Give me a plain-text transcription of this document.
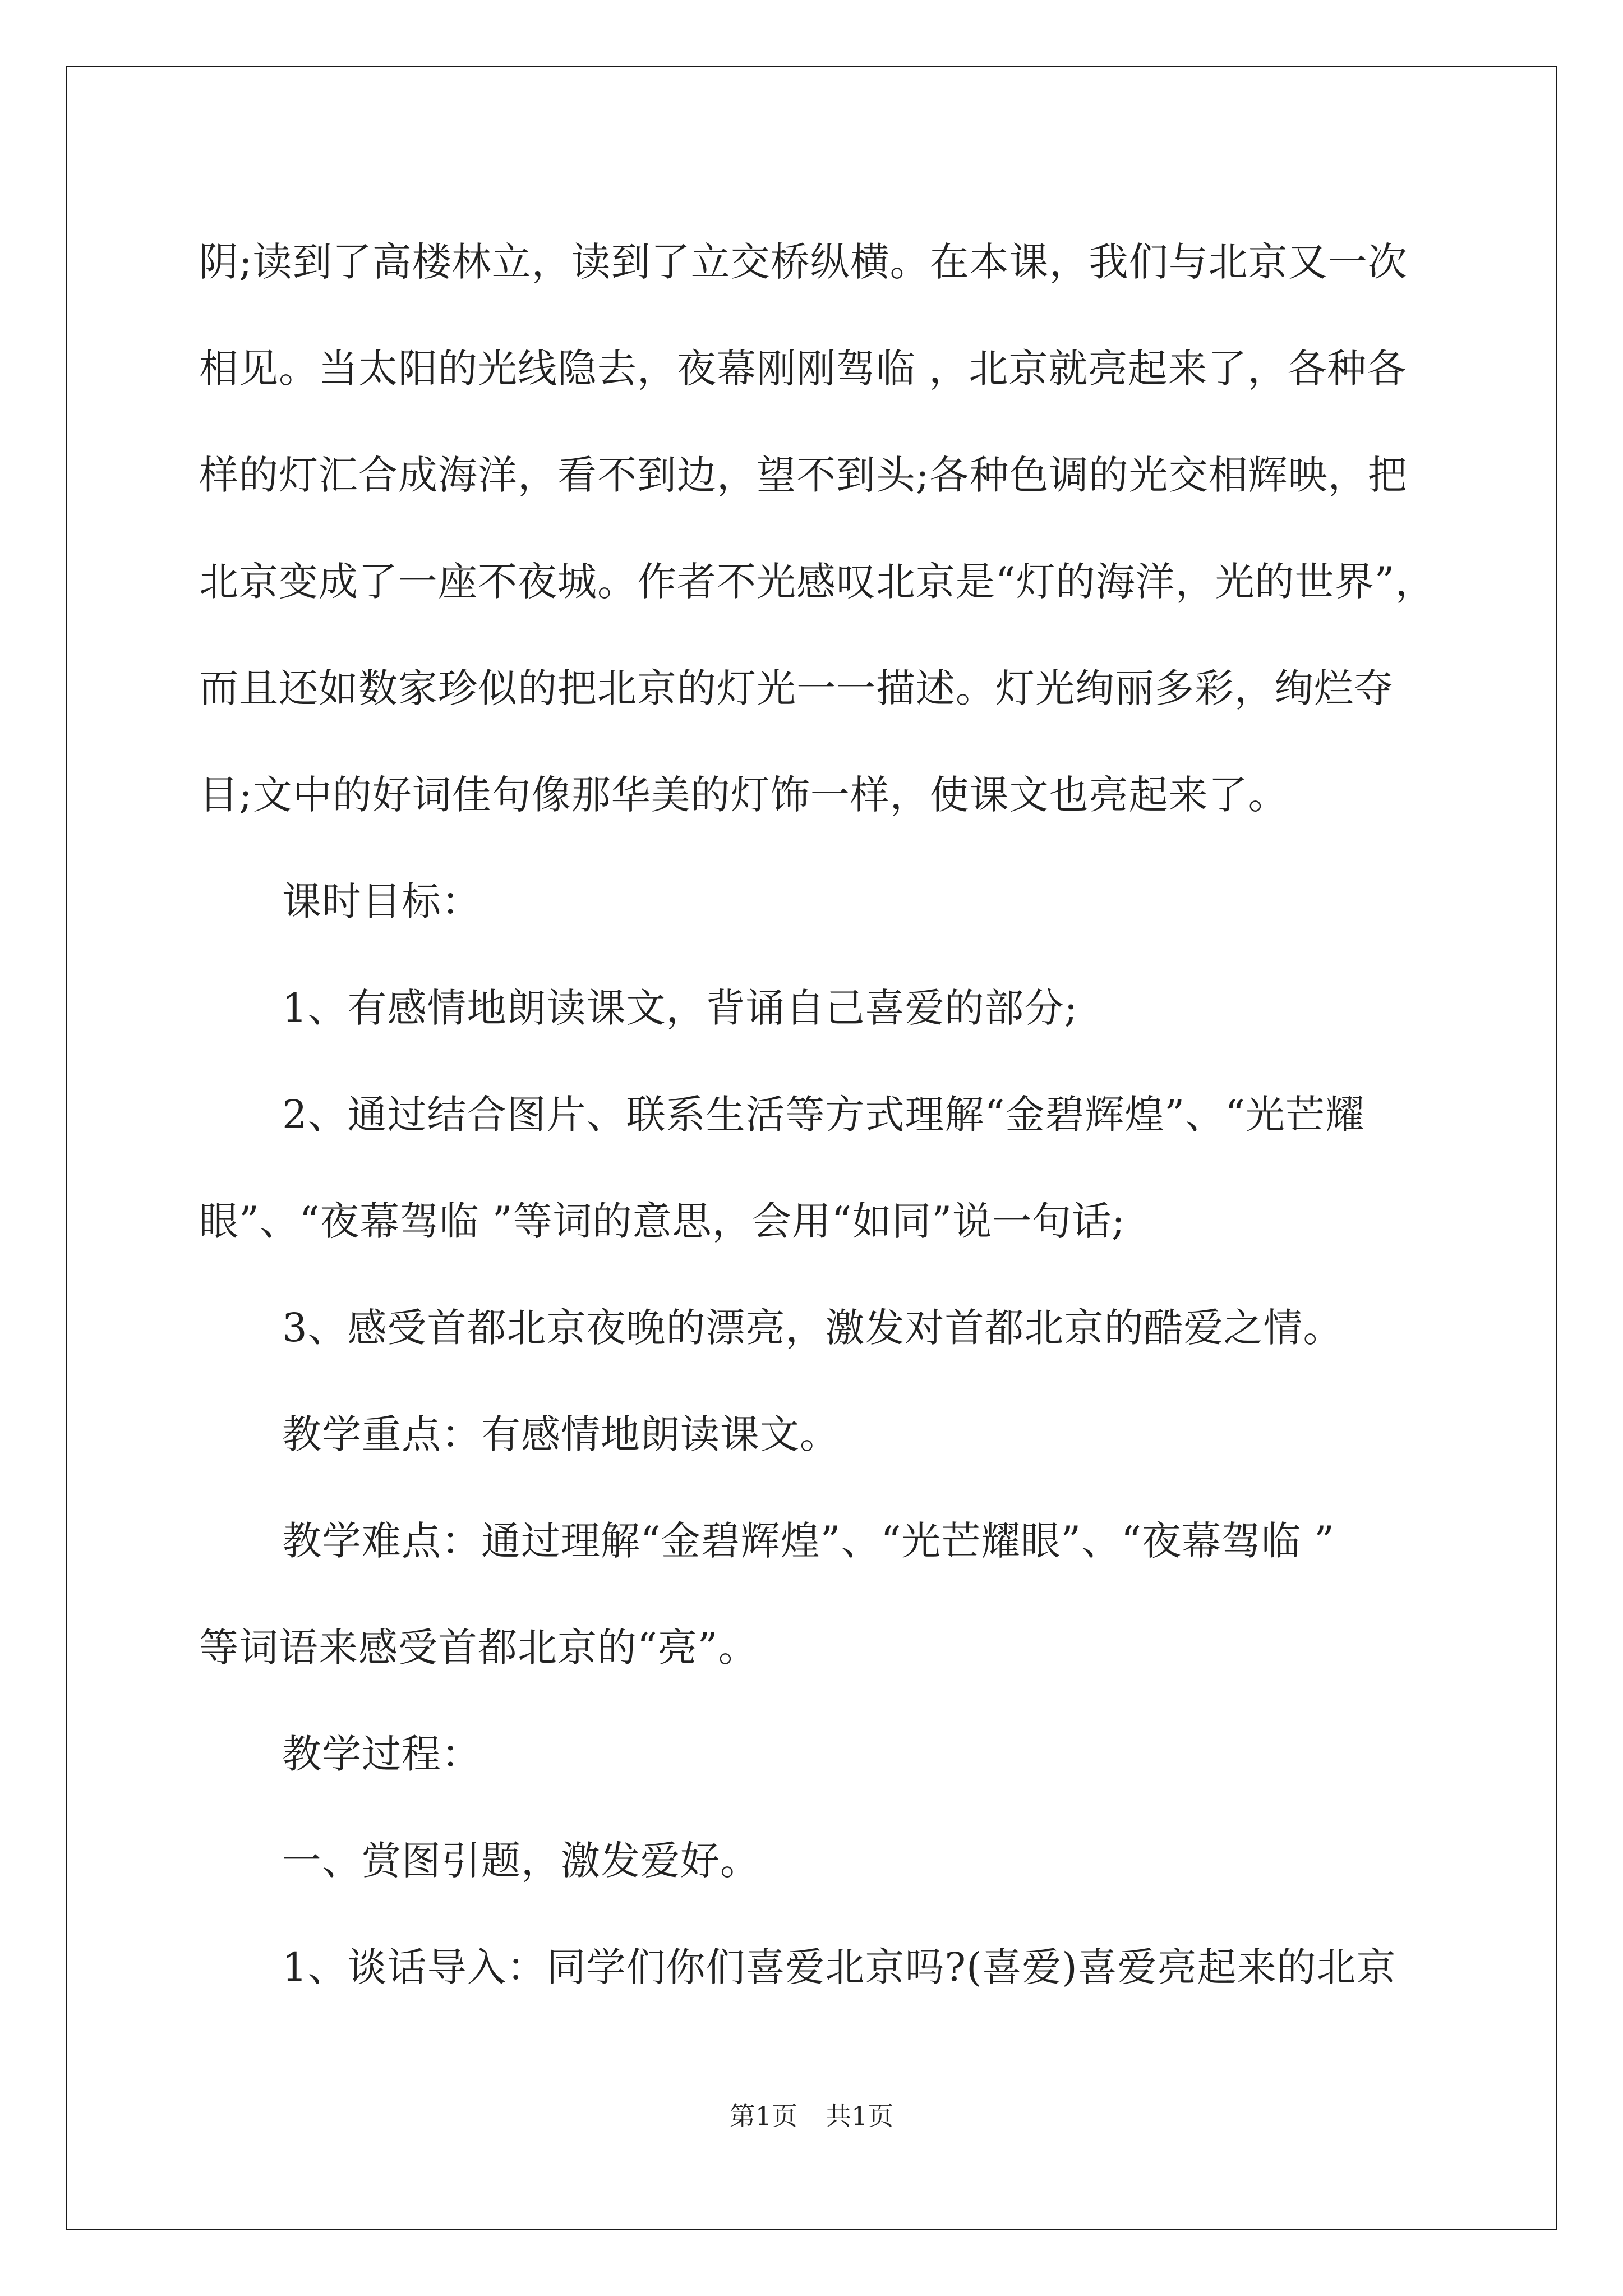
阴;读到了高楼林立，读到了立交桥纵横。在本课，我们与北京又一次
相见。当太阳的光线隐去，夜幕刚刚驾临 ，北京就亮起来了，各种各
样的灯汇合成海洋，看不到边，望不到头;各种色调的光交相辉映，把
北京变成了一座不夜城。作者不光感叹北京是“灯的海洋，光的世界”，
而且还如数家珍似的把北京的灯光一一描述。灯光绚丽多彩，绚烂夺
目;文中的好词佳句像那华美的灯饰一样，使课文也亮起来了。
课时目标：
1、有感情地朗读课文，背诵自己喜爱的部分;
2、通过结合图片、联系生活等方式理解“金碧辉煌”、“光芒耀
眼”、“夜幕驾临 ”等词的意思，会用“如同”说一句话;
3、感受首都北京夜晚的漂亮，激发对首都北京的酷爱之情。
教学重点：有感情地朗读课文。
教学难点：通过理解“金碧辉煌”、“光芒耀眼”、“夜幕驾临 ”
等词语来感受首都北京的“亮”。
教学过程：
一、赏图引题，激发爱好。
1、谈话导入：同学们你们喜爱北京吗?(喜爱)喜爱亮起来的北京
第1页 共1页
